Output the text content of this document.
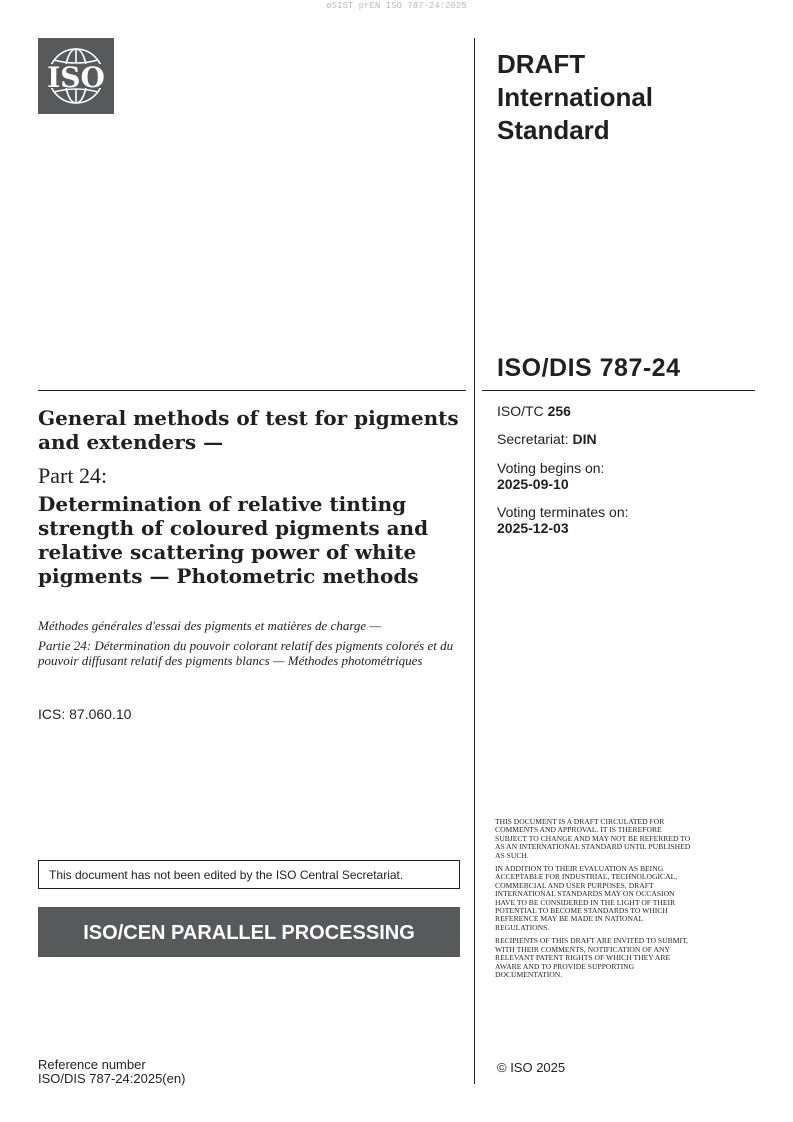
oSIST prEN ISO 787-24:2025
ISO	DRAFT
International
Standard
ISO/DIS 787-24
ISO/TC 256
Secretariat: DIN
Voting begins on:
2025-09-10
Voting terminates on:
2025-12-03
General methods of test for pigments and extenders —
Part 24:
Determination of relative tinting strength of coloured pigments and relative scattering power of white pigments — Photometric methods
Méthodes générales d'essai des pigments et matières de charge —
Partie 24: Détermination du pouvoir colorant relatif des pigments colorés et du pouvoir diffusant relatif des pigments blancs — Méthodes photométriques
ICS: 87.060.10
This document has not been edited by the ISO Central Secretariat.
ISO/CEN PARALLEL PROCESSING

THIS DOCUMENT IS A DRAFT CIRCULATED FOR COMMENTS AND APPROVAL. IT IS THEREFORE SUBJECT TO CHANGE AND MAY NOT BE REFERRED TO AS AN INTERNATIONAL STANDARD UNTIL PUBLISHED AS SUCH.

IN ADDITION TO THEIR EVALUATION AS BEING ACCEPTABLE FOR INDUSTRIAL, TECHNOLOGICAL, COMMERCIAL AND USER PURPOSES, DRAFT INTERNATIONAL STANDARDS MAY ON OCCASION HAVE TO BE CONSIDERED IN THE LIGHT OF THEIR POTENTIAL TO BECOME STANDARDS TO WHICH REFERENCE MAY BE MADE IN NATIONAL REGULATIONS.

RECIPIENTS OF THIS DRAFT ARE INVITED TO SUBMIT, WITH THEIR COMMENTS, NOTIFICATION OF ANY RELEVANT PATENT RIGHTS OF WHICH THEY ARE AWARE AND TO PROVIDE SUPPORTING DOCUMENTATION.

© ISO 2025
Reference number
ISO/DIS 787-24:2025(en)
